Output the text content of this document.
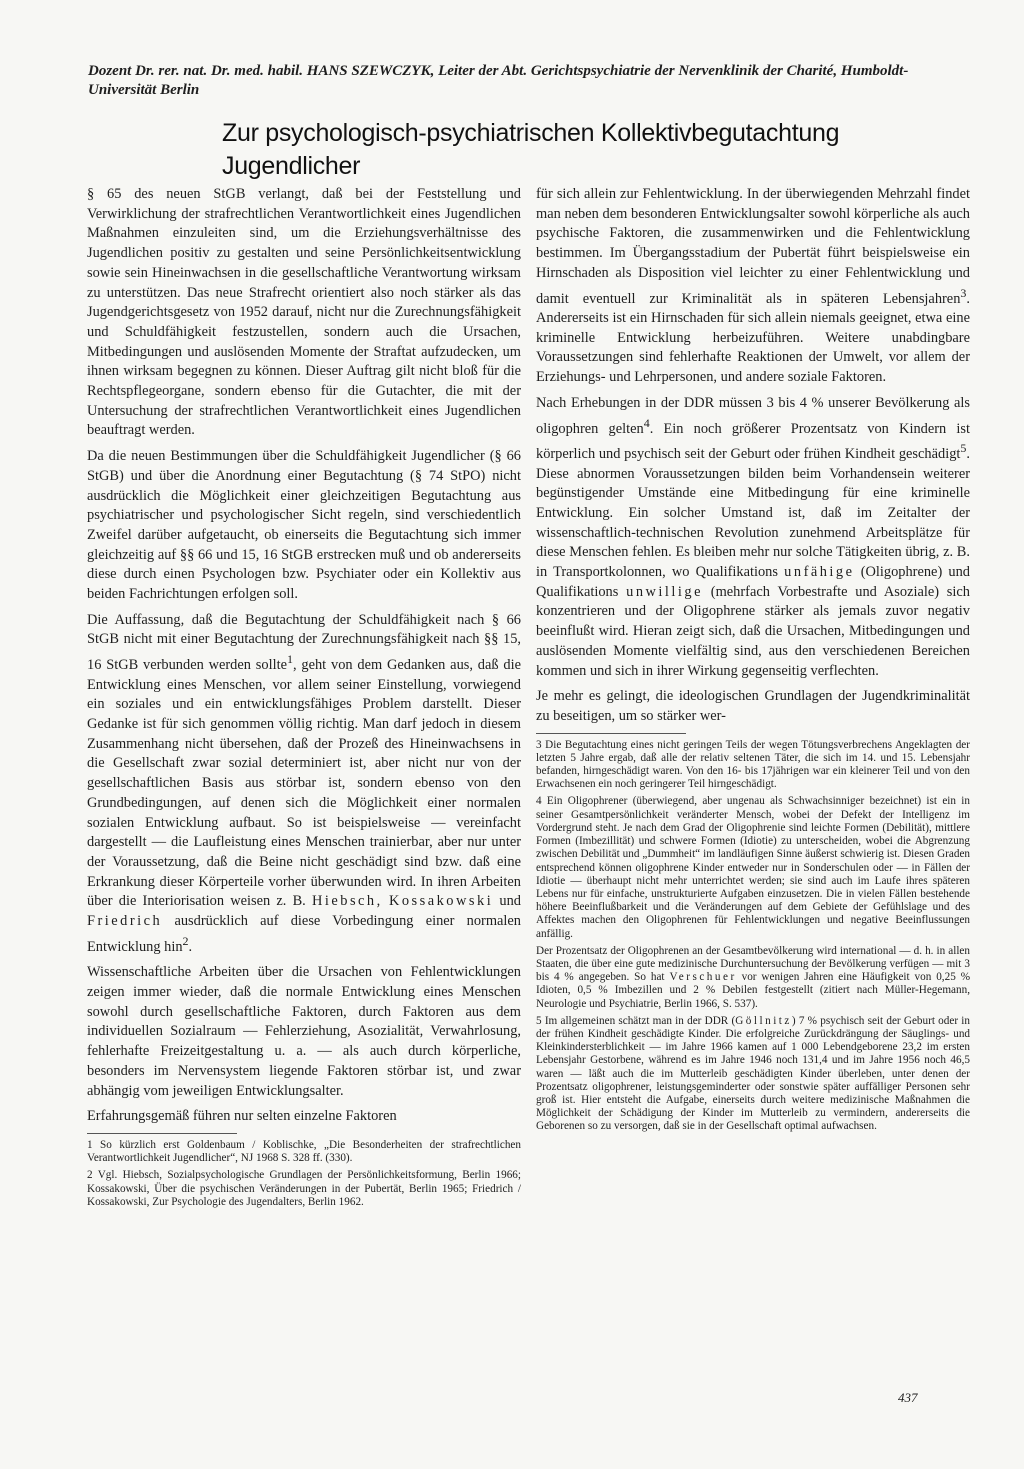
Dozent Dr. rer. nat. Dr. med. habil. HANS SZEWCZYK, Leiter der Abt. Gerichtspsychiatrie der Nervenklinik der Charité, Humboldt-Universität Berlin
Zur psychologisch-psychiatrischen Kollektivbegutachtung
Jugendlicher

§ 65 des neuen StGB verlangt, daß bei der Feststellung und Verwirklichung der strafrechtlichen Verantwortlichkeit eines Jugendlichen Maßnahmen einzuleiten sind, um die Erziehungsverhältnisse des Jugendlichen positiv zu gestalten und seine Persönlichkeitsentwicklung sowie sein Hineinwachsen in die gesellschaftliche Verantwortung wirksam zu unterstützen. Das neue Strafrecht orientiert also noch stärker als das Jugendgerichtsgesetz von 1952 darauf, nicht nur die Zurechnungsfähigkeit und Schuldfähigkeit festzustellen, sondern auch die Ursachen, Mitbedingungen und auslösenden Momente der Straftat aufzudecken, um ihnen wirksam begegnen zu können. Dieser Auftrag gilt nicht bloß für die Rechtspflegeorgane, sondern ebenso für die Gutachter, die mit der Untersuchung der strafrechtlichen Verantwortlichkeit eines Jugendlichen beauftragt werden.

Da die neuen Bestimmungen über die Schuldfähigkeit Jugendlicher (§ 66 StGB) und über die Anordnung einer Begutachtung (§ 74 StPO) nicht ausdrücklich die Möglichkeit einer gleichzeitigen Begutachtung aus psychiatrischer und psychologischer Sicht regeln, sind verschiedentlich Zweifel darüber aufgetaucht, ob einerseits die Begutachtung sich immer gleichzeitig auf §§ 66 und 15, 16 StGB erstrecken muß und ob andererseits diese durch einen Psychologen bzw. Psychiater oder ein Kollektiv aus beiden Fachrichtungen erfolgen soll.

Die Auffassung, daß die Begutachtung der Schuldfähigkeit nach § 66 StGB nicht mit einer Begutachtung der Zurechnungsfähigkeit nach §§ 15, 16 StGB verbunden werden sollte$^1$, geht von dem Gedanken aus, daß die Entwicklung eines Menschen, vor allem seiner Einstellung, vorwiegend ein soziales und ein entwicklungsfähiges Problem darstellt. Dieser Gedanke ist für sich genommen völlig richtig. Man darf jedoch in diesem Zusammenhang nicht übersehen, daß der Prozeß des Hineinwachsens in die Gesellschaft zwar sozial determiniert ist, aber nicht nur von der gesellschaftlichen Basis aus störbar ist, sondern ebenso von den Grundbedingungen, auf denen sich die Möglichkeit einer normalen sozialen Entwicklung aufbaut. So ist beispielsweise — vereinfacht dargestellt — die Laufleistung eines Menschen trainierbar, aber nur unter der Voraussetzung, daß die Beine nicht geschädigt sind bzw. daß eine Erkrankung dieser Körperteile vorher überwunden wird. In ihren Arbeiten über die Interiorisation weisen z. B. Hiebsch, Kossakowski und Friedrich ausdrücklich auf diese Vorbedingung einer normalen Entwicklung hin$^2$.

Wissenschaftliche Arbeiten über die Ursachen von Fehlentwicklungen zeigen immer wieder, daß die normale Entwicklung eines Menschen sowohl durch gesellschaftliche Faktoren, durch Faktoren aus dem individuellen Sozialraum — Fehlerziehung, Asozialität, Verwahrlosung, fehlerhafte Freizeitgestaltung u. a. — als auch durch körperliche, besonders im Nervensystem liegende Faktoren störbar ist, und zwar abhängig vom jeweiligen Entwicklungsalter.

Erfahrungsgemäß führen nur selten einzelne Faktoren

1 So kürzlich erst Goldenbaum / Koblischke, „Die Besonderheiten der strafrechtlichen Verantwortlichkeit Jugendlicher“, NJ 1968 S. 328 ff. (330).

2 Vgl. Hiebsch, Sozialpsychologische Grundlagen der Persönlichkeitsformung, Berlin 1966; Kossakowski, Über die psychischen Veränderungen in der Pubertät, Berlin 1965; Friedrich / Kossakowski, Zur Psychologie des Jugendalters, Berlin 1962.

für sich allein zur Fehlentwicklung. In der überwiegenden Mehrzahl findet man neben dem besonderen Entwicklungsalter sowohl körperliche als auch psychische Faktoren, die zusammenwirken und die Fehlentwicklung bestimmen. Im Übergangsstadium der Pubertät führt beispielsweise ein Hirnschaden als Disposition viel leichter zu einer Fehlentwicklung und damit eventuell zur Kriminalität als in späteren Lebensjahren$^3$. Andererseits ist ein Hirnschaden für sich allein niemals geeignet, etwa eine kriminelle Entwicklung herbeizuführen. Weitere unabdingbare Voraussetzungen sind fehlerhafte Reaktionen der Umwelt, vor allem der Erziehungs- und Lehrpersonen, und andere soziale Faktoren.

Nach Erhebungen in der DDR müssen 3 bis 4 % unserer Bevölkerung als oligophren gelten$^4$. Ein noch größerer Prozentsatz von Kindern ist körperlich und psychisch seit der Geburt oder frühen Kindheit geschädigt$^5$. Diese abnormen Voraussetzungen bilden beim Vorhandensein weiterer begünstigender Umstände eine Mitbedingung für eine kriminelle Entwicklung. Ein solcher Umstand ist, daß im Zeitalter der wissenschaftlich-technischen Revolution zunehmend Arbeitsplätze für diese Menschen fehlen. Es bleiben mehr nur solche Tätigkeiten übrig, z. B. in Transportkolonnen, wo Qualifikations unfähige (Oligophrene) und Qualifikations unwillige (mehrfach Vorbestrafte und Asoziale) sich konzentrieren und der Oligophrene stärker als jemals zuvor negativ beeinflußt wird. Hieran zeigt sich, daß die Ursachen, Mitbedingungen und auslösenden Momente vielfältig sind, aus den verschiedenen Bereichen kommen und sich in ihrer Wirkung gegenseitig verflechten.

Je mehr es gelingt, die ideologischen Grundlagen der Jugendkriminalität zu beseitigen, um so stärker wer-

3 Die Begutachtung eines nicht geringen Teils der wegen Tötungsverbrechens Angeklagten der letzten 5 Jahre ergab, daß alle der relativ seltenen Täter, die sich im 14. und 15. Lebensjahr befanden, hirngeschädigt waren. Von den 16- bis 17jährigen war ein kleinerer Teil und von den Erwachsenen ein noch geringerer Teil hirngeschädigt.

4 Ein Oligophrener (überwiegend, aber ungenau als Schwachsinniger bezeichnet) ist ein in seiner Gesamtpersönlichkeit veränderter Mensch, wobei der Defekt der Intelligenz im Vordergrund steht. Je nach dem Grad der Oligophrenie sind leichte Formen (Debilität), mittlere Formen (Imbezillität) und schwere Formen (Idiotie) zu unterscheiden, wobei die Abgrenzung zwischen Debilität und „Dummheit“ im landläufigen Sinne äußerst schwierig ist. Diesen Graden entsprechend können oligophrene Kinder entweder nur in Sonderschulen oder — in Fällen der Idiotie — überhaupt nicht mehr unterrichtet werden; sie sind auch im Laufe ihres späteren Lebens nur für einfache, unstrukturierte Aufgaben einzusetzen. Die in vielen Fällen bestehende höhere Beeinflußbarkeit und die Veränderungen auf dem Gebiete der Gefühlslage und des Affektes machen den Oligophrenen für Fehlentwicklungen und negative Beeinflussungen anfällig.

Der Prozentsatz der Oligophrenen an der Gesamtbevölkerung wird international — d. h. in allen Staaten, die über eine gute medizinische Durchuntersuchung der Bevölkerung verfügen — mit 3 bis 4 % angegeben. So hat Verschuer vor wenigen Jahren eine Häufigkeit von 0,25 % Idioten, 0,5 % Imbezillen und 2 % Debilen festgestellt (zitiert nach Müller-Hegemann, Neurologie und Psychiatrie, Berlin 1966, S. 537).

5 Im allgemeinen schätzt man in der DDR (Göllnitz) 7 % psychisch seit der Geburt oder in der frühen Kindheit geschädigte Kinder. Die erfolgreiche Zurückdrängung der Säuglings- und Kleinkindersterblichkeit — im Jahre 1966 kamen auf 1 000 Lebendgeborene 23,2 im ersten Lebensjahr Gestorbene, während es im Jahre 1946 noch 131,4 und im Jahre 1956 noch 46,5 waren — läßt auch die im Mutterleib geschädigten Kinder überleben, unter denen der Prozentsatz oligophrener, leistungsgeminderter oder sonstwie später auffälliger Personen sehr groß ist. Hier entsteht die Aufgabe, einerseits durch weitere medizinische Maßnahmen die Möglichkeit der Schädigung der Kinder im Mutterleib zu vermindern, andererseits die Geborenen so zu versorgen, daß sie in der Gesellschaft optimal aufwachsen.

437
